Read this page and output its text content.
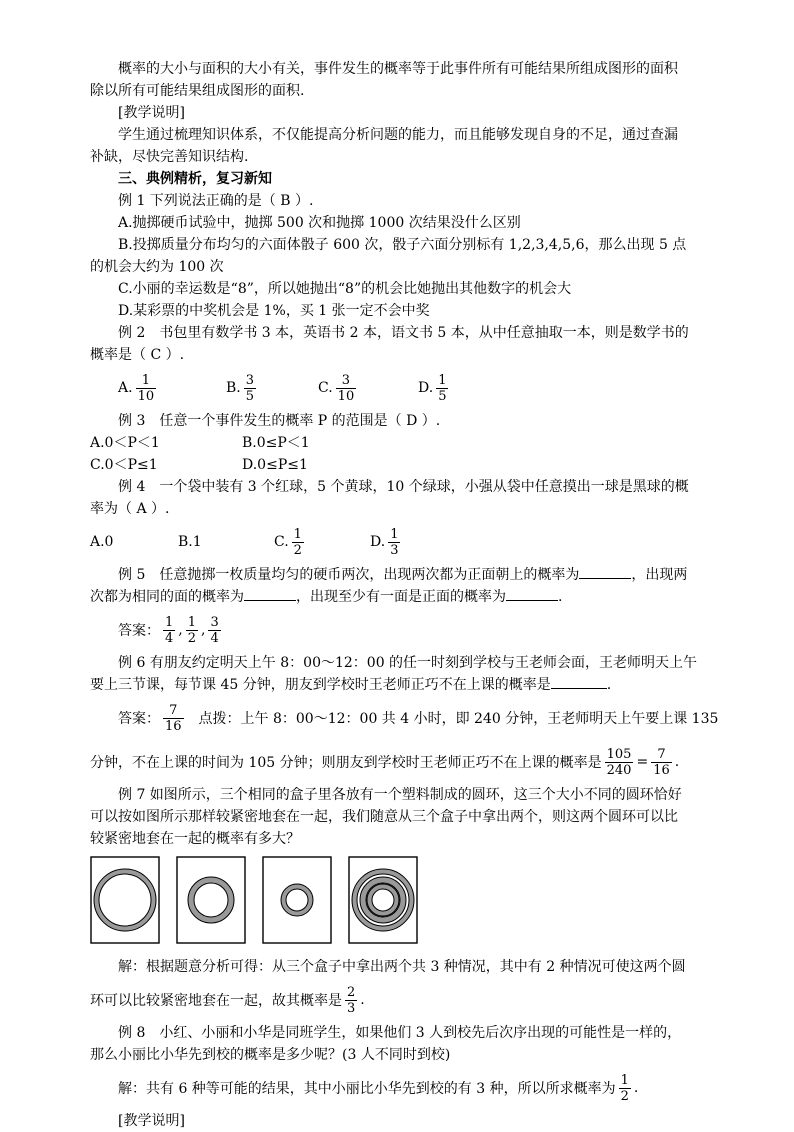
　　概率的大小与面积的大小有关，事件发生的概率等于此事件所有可能结果所组成图形的面积

除以所有可能结果组成图形的面积.

　　[教学说明]

　　学生通过梳理知识体系，不仅能提高分析问题的能力，而且能够发现自身的不足，通过查漏

补缺，尽快完善知识结构.

　　三、典例精析，复习新知

　　例 1 下列说法正确的是（ B ）.

　　A.抛掷硬币试验中，抛掷 500 次和抛掷 1000 次结果没什么区别

　　B.投掷质量分布均匀的六面体骰子 600 次，骰子六面分别标有 1,2,3,4,5,6，那么出现 5 点

的机会大约为 100 次

　　C.小丽的幸运数是“8”，所以她抛出“8”的机会比她抛出其他数字的机会大

　　D.某彩票的中奖机会是 1%，买 1 张一定不会中奖

　　例 2　书包里有数学书 3 本，英语书 2 本，语文书 5 本，从中任意抽取一本，则是数学书的

概率是（ C ）.

A. $\frac{1}{10}$	B. $\frac{3}{5}$	C. $\frac{3}{10}$	D. $\frac{1}{5}$

　　例 3　任意一个事件发生的概率 P 的范围是（ D ）.

A.0＜P＜1	B.0≤P＜1

C.0＜P≤1	D.0≤P≤1

　　例 4　一个袋中装有 3 个红球，5 个黄球，10 个绿球，小强从袋中任意摸出一球是黑球的概

率为（ A ）.

A.0	B.1	C. $\frac{1}{2}$	D. $\frac{1}{3}$

　　例 5　任意抛掷一枚质量均匀的硬币两次，出现两次都为正面朝上的概率为	，出现两

次都为相同的面的概率为	，出现至少有一面是正面的概率为	.

答案： $\frac{1}{4}$ , $\frac{1}{2}$ , $\frac{3}{4}$

　　例 6 有朋友约定明天上午 8：00～12：00 的任一时刻到学校与王老师会面，王老师明天上午

要上三节课，每节课 45 分钟，朋友到学校时王老师正巧不在上课的概率是	.

答案： $\frac{7}{16}$ 点拨：上午 8：00～12：00 共 4 小时，即 240 分钟，王老师明天上午要上课 135
分钟，不在上课的时间为 105 分钟；则朋友到学校时王老师正巧不在上课的概率是 $\frac{105}{240} = \frac{7}{16}$ .

　　例 7 如图所示，三个相同的盒子里各放有一个塑料制成的圆环，这三个大小不同的圆环恰好

可以按如图所示那样较紧密地套在一起，我们随意从三个盒子中拿出两个，则这两个圆环可以比

较紧密地套在一起的概率有多大？

　　解：根据题意分析可得：从三个盒子中拿出两个共 3 种情况，其中有 2 种情况可使这两个圆

环可以比较紧密地套在一起，故其概率是 $\frac{2}{3}$ .

　　例 8　小红、小丽和小华是同班学生，如果他们 3 人到校先后次序出现的可能性是一样的，

那么小丽比小华先到校的概率是多少呢？(3 人不同时到校)

解：共有 6 种等可能的结果，其中小丽比小华先到校的有 3 种，所以所求概率为 $\frac{1}{2}$ .

　　[教学说明]
